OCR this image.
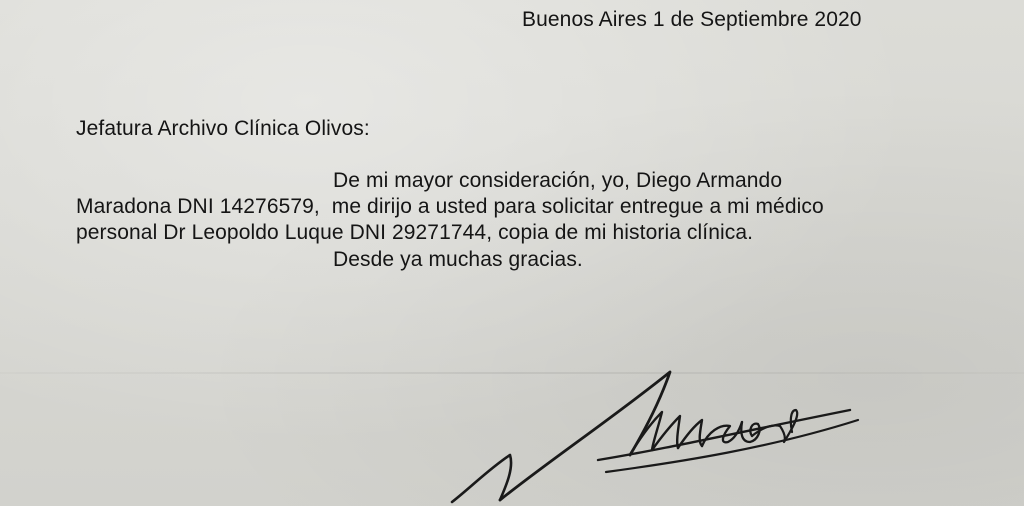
Buenos Aires 1 de Septiembre 2020
Jefatura Archivo Clínica Olivos:
De mi mayor consideración, yo, Diego Armando
Maradona DNI 14276579,  me dirijo a usted para solicitar entregue a mi médico
personal Dr Leopoldo Luque DNI 29271744, copia de mi historia clínica.
Desde ya muchas gracias.
